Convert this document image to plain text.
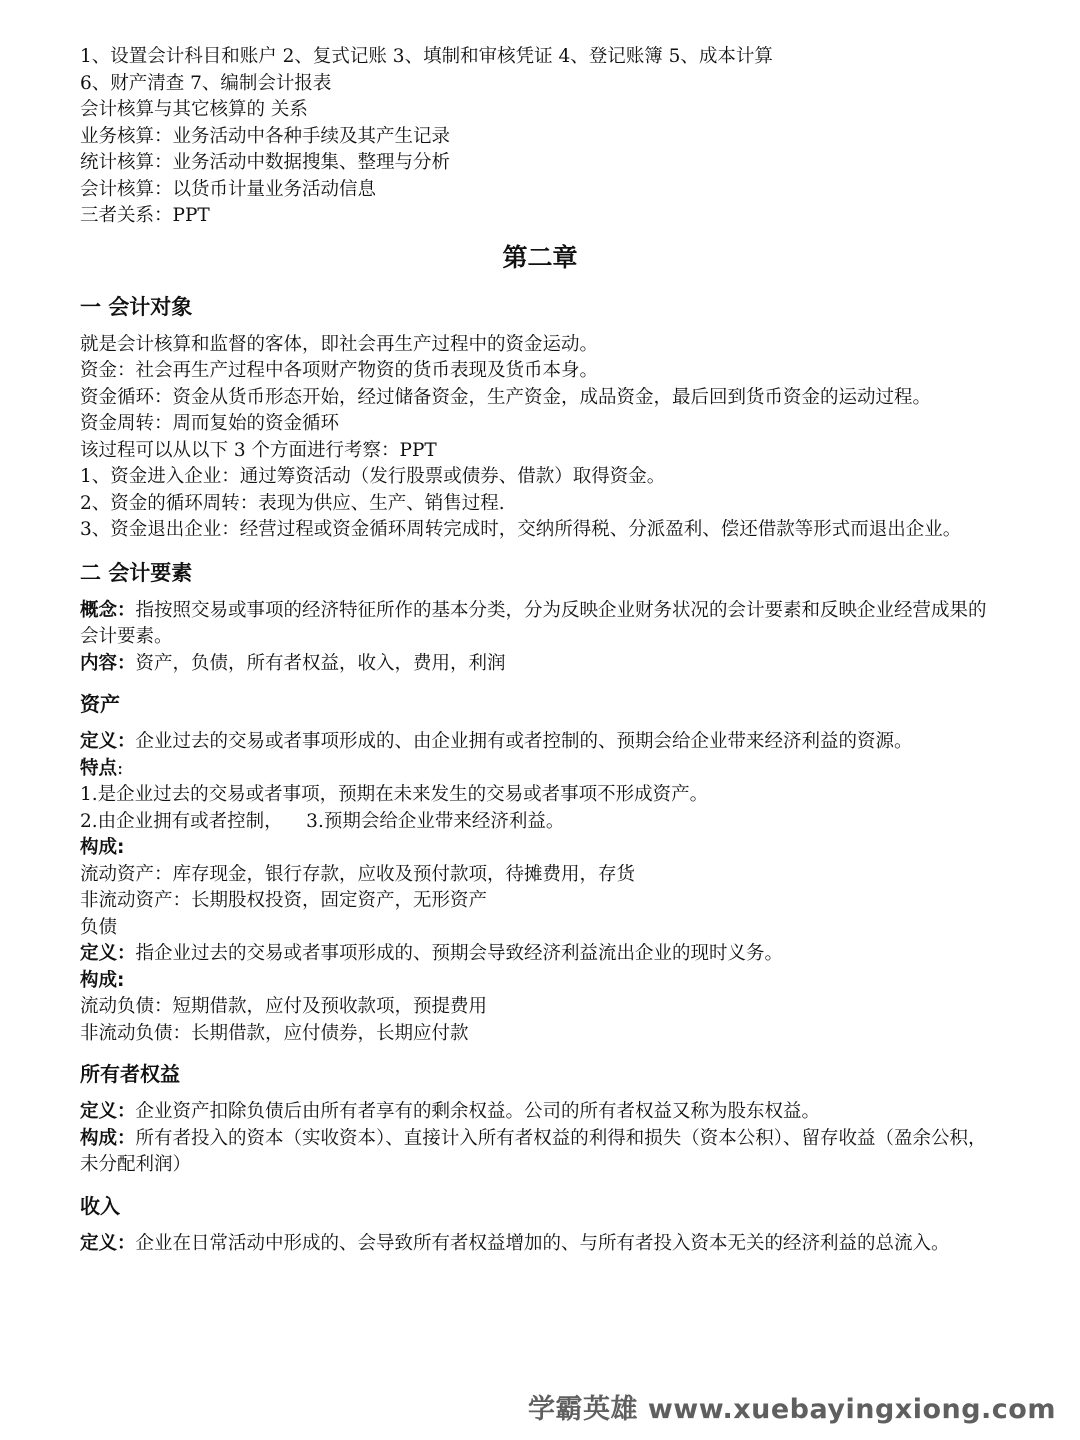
1、设置会计科目和账户 2、复式记账 3、填制和审核凭证 4、登记账簿 5、成本计算

6、财产清查 7、编制会计报表

会计核算与其它核算的 关系

业务核算：业务活动中各种手续及其产生记录

统计核算：业务活动中数据搜集、整理与分析

会计核算：以货币计量业务活动信息

三者关系：PPT

第二章
一 会计对象

就是会计核算和监督的客体，即社会再生产过程中的资金运动。

资金：社会再生产过程中各项财产物资的货币表现及货币本身。

资金循环：资金从货币形态开始，经过储备资金，生产资金，成品资金，最后回到货币资金的运动过程。

资金周转：周而复始的资金循环

该过程可以从以下 3 个方面进行考察：PPT

1、资金进入企业：通过筹资活动（发行股票或债券、借款）取得资金。

2、资金的循环周转：表现为供应、生产、销售过程.

3、资金退出企业：经营过程或资金循环周转完成时，交纳所得税、分派盈利、偿还借款等形式而退出企业。

二 会计要素

概念：指按照交易或事项的经济特征所作的基本分类，分为反映企业财务状况的会计要素和反映企业经营成果的会计要素。

内容：资产，负债，所有者权益，收入，费用，利润

资产

定义：企业过去的交易或者事项形成的、由企业拥有或者控制的、预期会给企业带来经济利益的资源。

特点:

1.是企业过去的交易或者事项，预期在未来发生的交易或者事项不形成资产。

2.由企业拥有或者控制，    3.预期会给企业带来经济利益。

构成:

流动资产：库存现金，银行存款，应收及预付款项，待摊费用，存货

非流动资产：长期股权投资，固定资产，无形资产

负债

定义：指企业过去的交易或者事项形成的、预期会导致经济利益流出企业的现时义务。

构成:

流动负债：短期借款，应付及预收款项，预提费用

非流动负债：长期借款，应付债券，长期应付款

所有者权益

定义：企业资产扣除负债后由所有者享有的剩余权益。公司的所有者权益又称为股东权益。

构成：所有者投入的资本（实收资本）、直接计入所有者权益的利得和损失（资本公积）、留存收益（盈余公积，未分配利润）

收入

定义：企业在日常活动中形成的、会导致所有者权益增加的、与所有者投入资本无关的经济利益的总流入。

学霸英雄 www.xuebayingxiong.com
